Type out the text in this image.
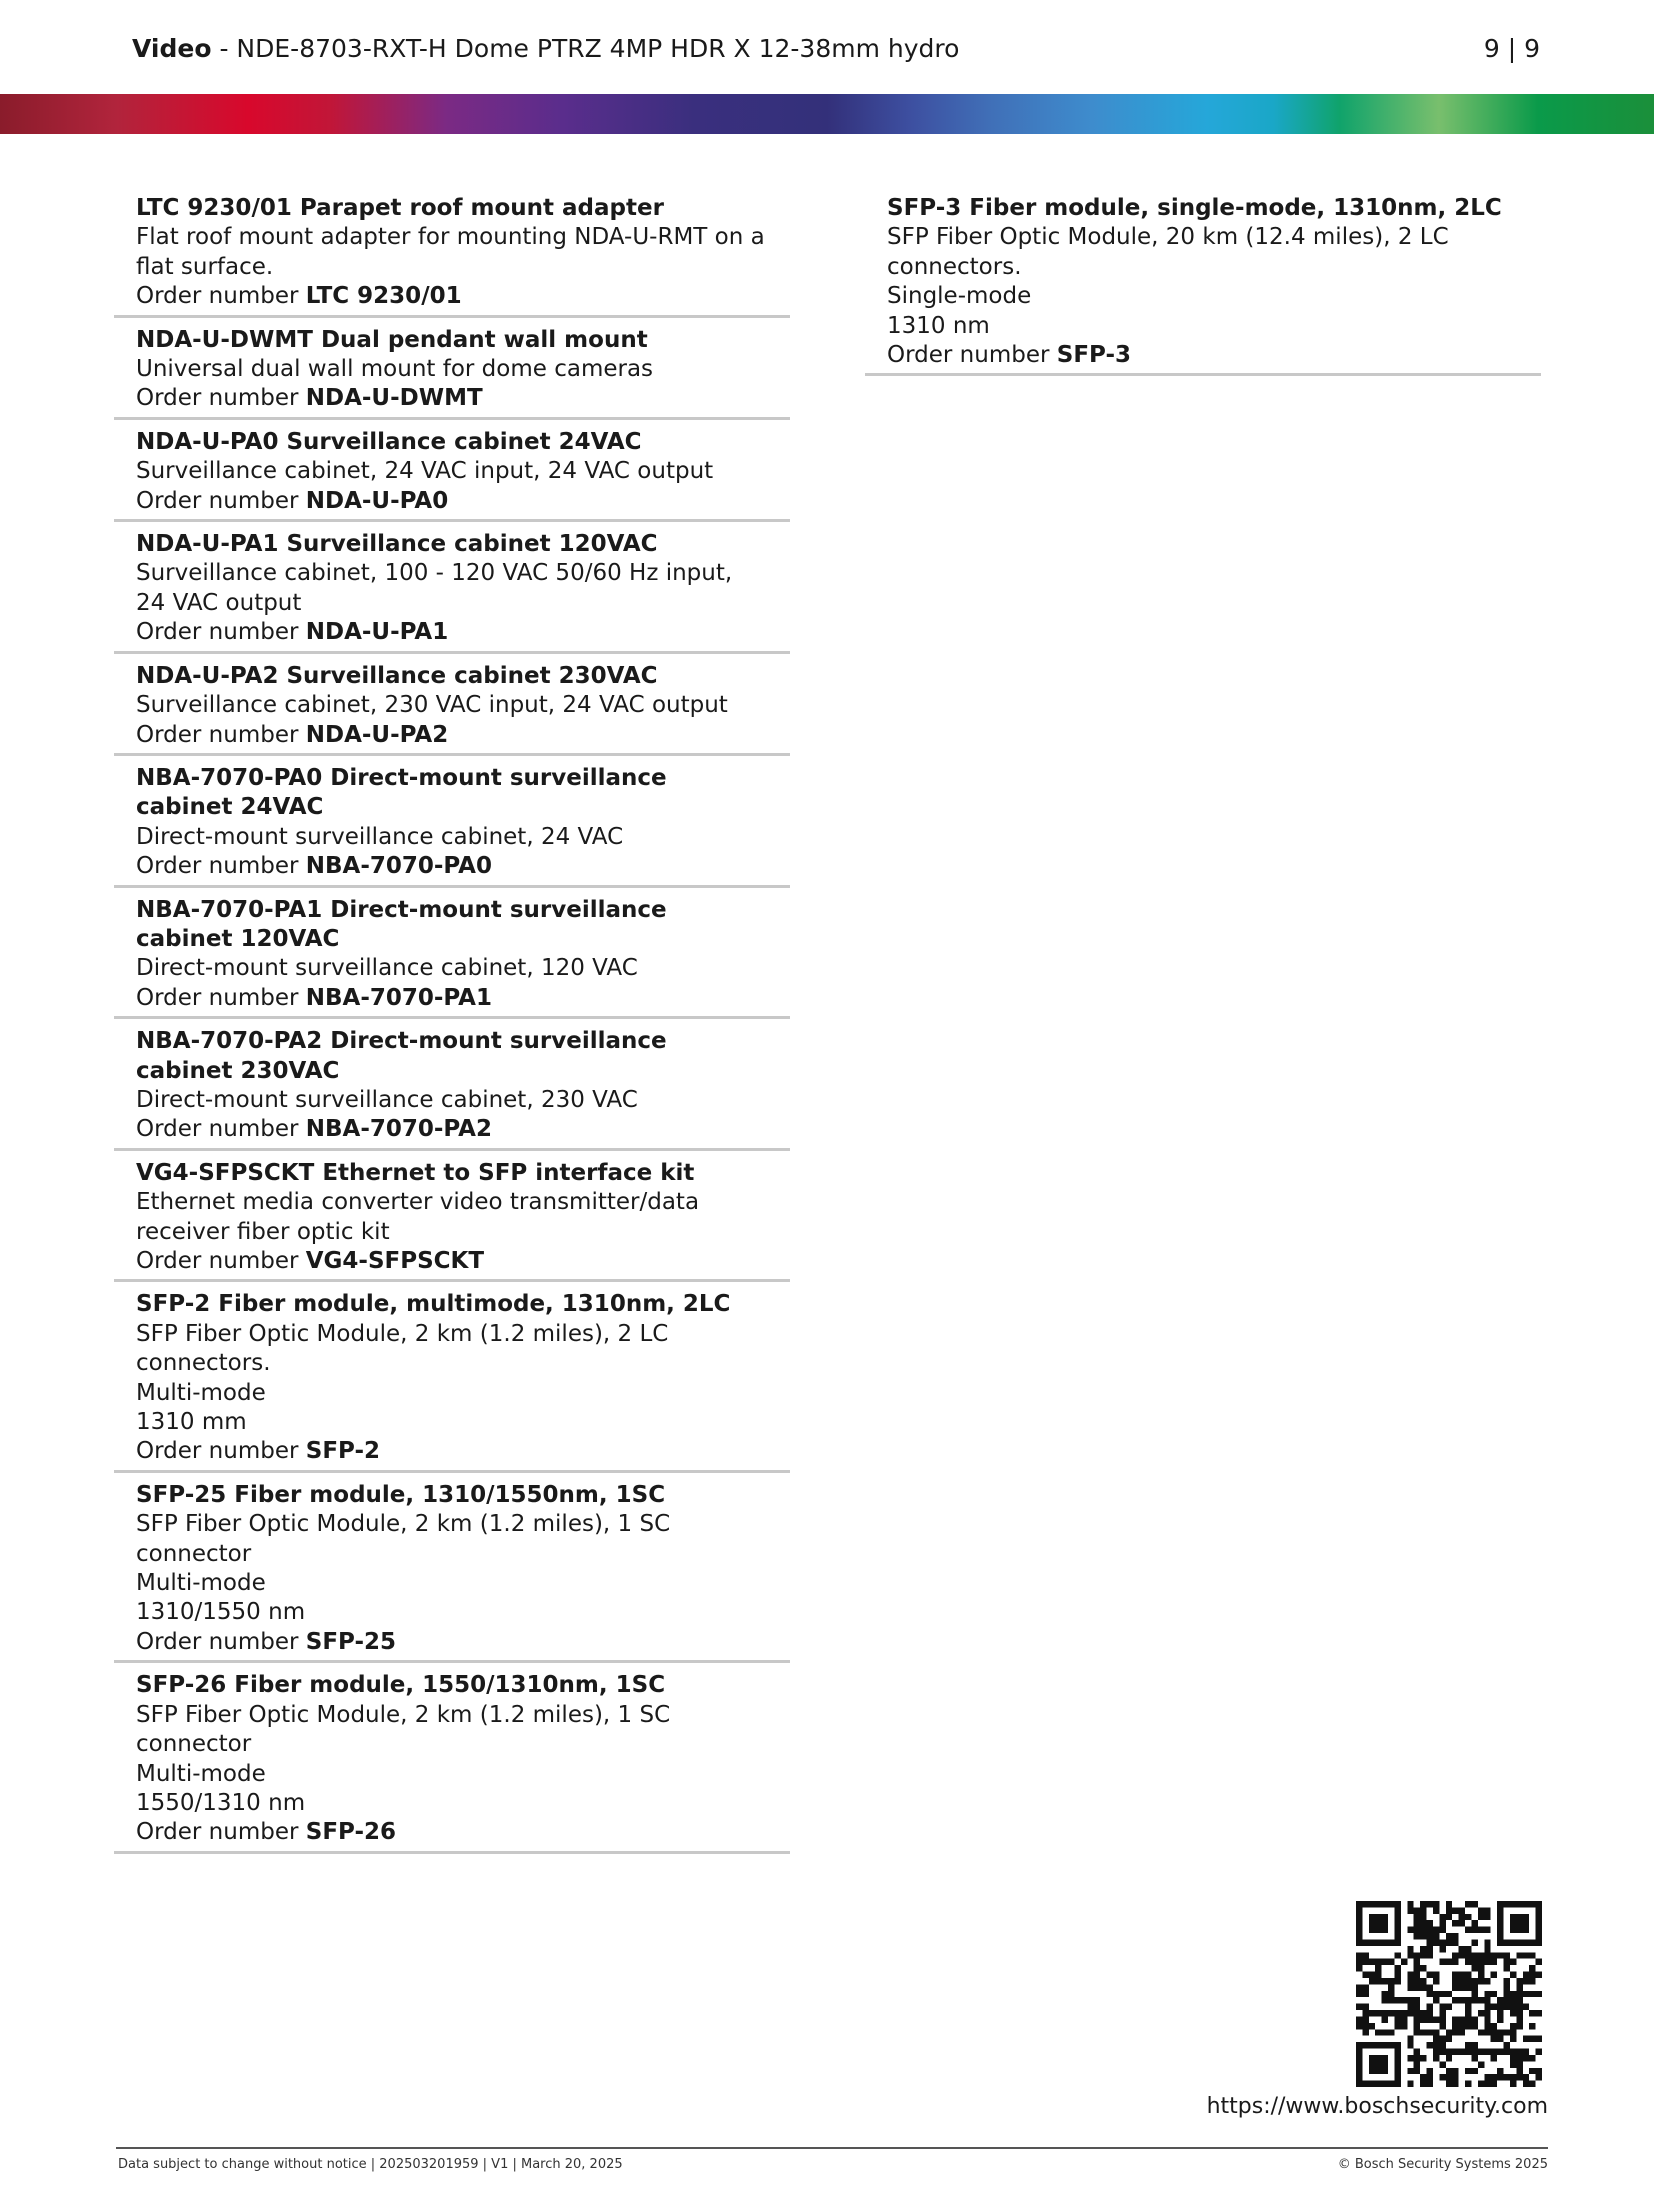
Video - NDE-8703-RXT-H Dome PTRZ 4MP HDR X 12-38mm hydro	9 | 9
LTC 9230/01 Parapet roof mount adapter
Flat roof mount adapter for mounting NDA-U-RMT on a flat surface.
Order number LTC 9230/01
NDA-U-DWMT Dual pendant wall mount
Universal dual wall mount for dome cameras
Order number NDA-U-DWMT
NDA-U-PA0 Surveillance cabinet 24VAC
Surveillance cabinet, 24 VAC input, 24 VAC output
Order number NDA-U-PA0
NDA-U-PA1 Surveillance cabinet 120VAC
Surveillance cabinet, 100 - 120 VAC 50/60 Hz input, 24 VAC output
Order number NDA-U-PA1
NDA-U-PA2 Surveillance cabinet 230VAC
Surveillance cabinet, 230 VAC input, 24 VAC output
Order number NDA-U-PA2
NBA-7070-PA0 Direct-mount surveillance cabinet 24VAC
Direct-mount surveillance cabinet, 24 VAC
Order number NBA-7070-PA0
NBA-7070-PA1 Direct-mount surveillance cabinet 120VAC
Direct-mount surveillance cabinet, 120 VAC
Order number NBA-7070-PA1
NBA-7070-PA2 Direct-mount surveillance cabinet 230VAC
Direct-mount surveillance cabinet, 230 VAC
Order number NBA-7070-PA2
VG4-SFPSCKT Ethernet to SFP interface kit
Ethernet media converter video transmitter/data receiver fiber optic kit
Order number VG4-SFPSCKT
SFP-2 Fiber module, multimode, 1310nm, 2LC
SFP Fiber Optic Module, 2 km (1.2 miles), 2 LC connectors.
Multi-mode
1310 mm
Order number SFP-2
SFP-25 Fiber module, 1310/1550nm, 1SC
SFP Fiber Optic Module, 2 km (1.2 miles), 1 SC connector
Multi-mode
1310/1550 nm
Order number SFP-25
SFP-26 Fiber module, 1550/1310nm, 1SC
SFP Fiber Optic Module, 2 km (1.2 miles), 1 SC connector
Multi-mode
1550/1310 nm
Order number SFP-26
SFP-3 Fiber module, single-mode, 1310nm, 2LC
SFP Fiber Optic Module, 20 km (12.4 miles), 2 LC connectors.
Single-mode
1310 nm
Order number SFP-3
https://www.boschsecurity.com
Data subject to change without notice | 202503201959 | V1 | March 20, 2025	© Bosch Security Systems 2025
